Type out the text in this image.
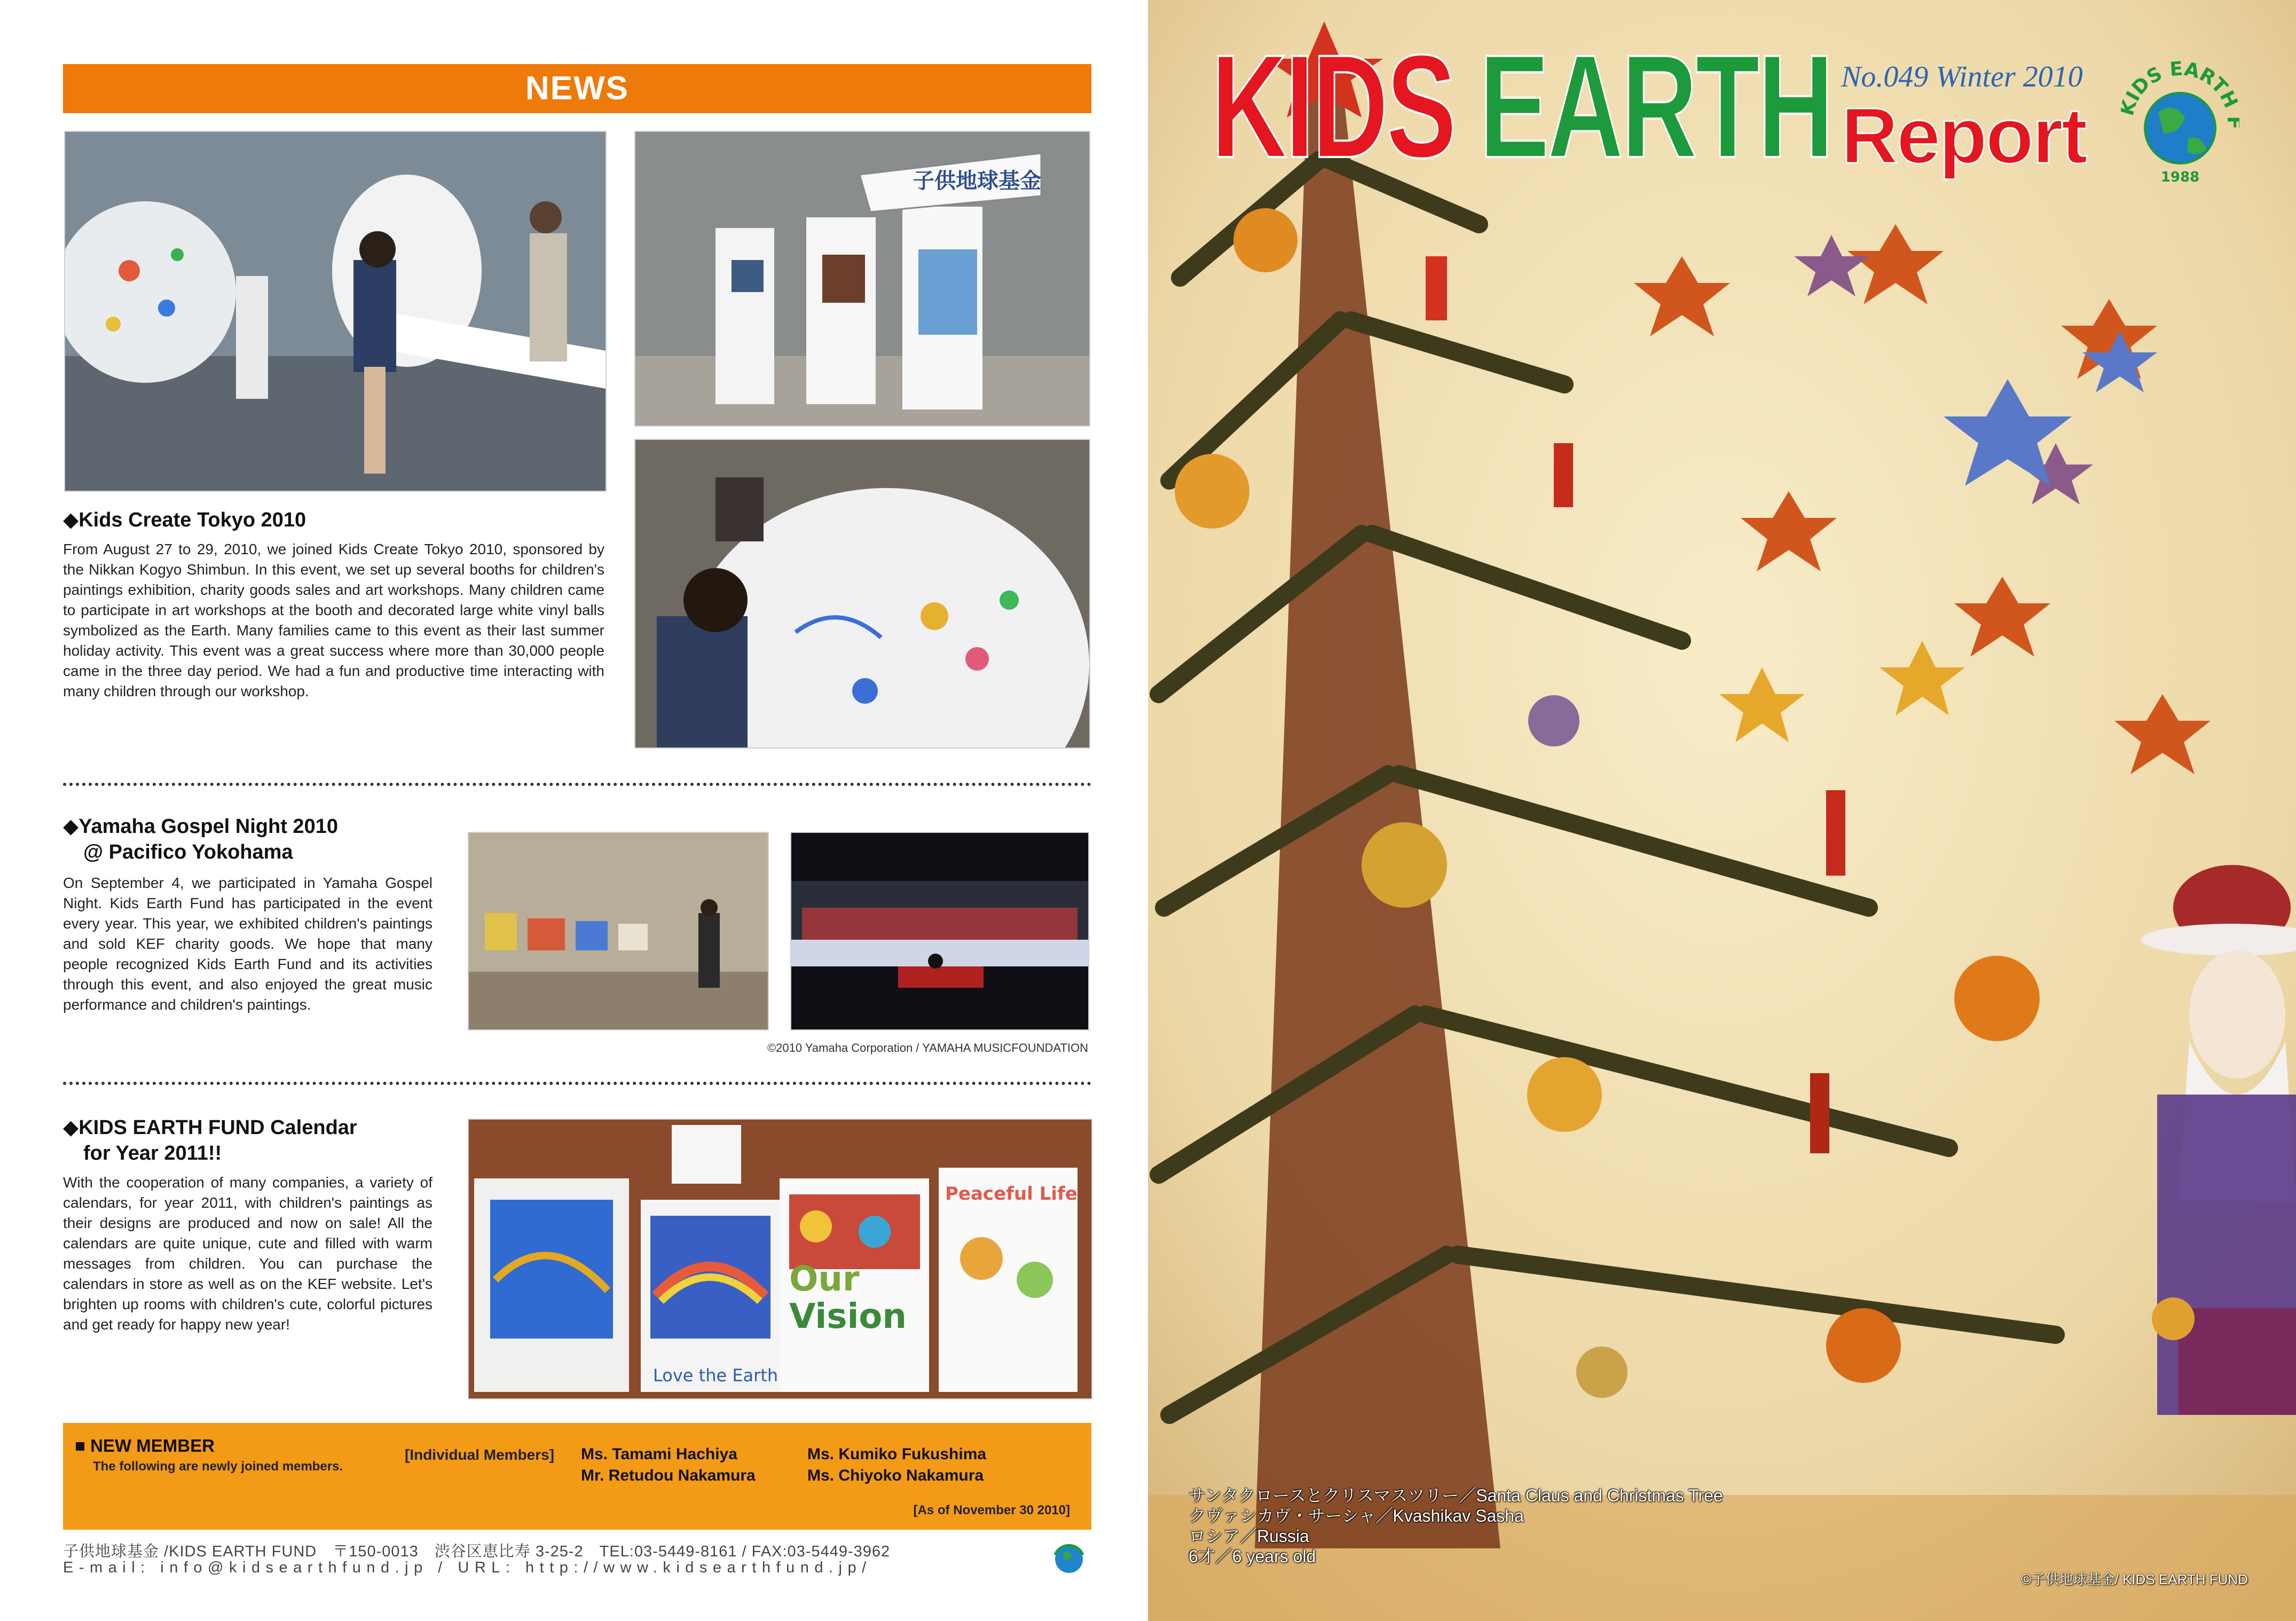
NEWS
子供地球基金
◆Kids Create Tokyo 2010
From August 27 to 29, 2010, we joined Kids Create Tokyo 2010, sponsored by the Nikkan Kogyo Shimbun. In this event, we set up several booths for children's paintings exhibition, charity goods sales and art workshops. Many children came to participate in art workshops at the booth and decorated large white vinyl balls symbolized as the Earth. Many families came to this event as their last summer holiday activity. This event was a great success where more than 30,000 people came in the three day period. We had a fun and productive time interacting with many children through our workshop.
◆Yamaha Gospel Night 2010
@ Pacifico Yokohama
On September 4, we participated in Yamaha Gospel Night. Kids Earth Fund has participated in the event every year. This year, we exhibited children's paintings and sold KEF charity goods. We hope that many people recognized Kids Earth Fund and its activities through this event, and also enjoyed the great music performance and children's paintings.
©2010 Yamaha Corporation / YAMAHA MUSICFOUNDATION
◆KIDS EARTH FUND Calendar
for Year 2011!!
With the cooperation of many companies, a variety of calendars, for year 2011, with children's paintings as their designs are produced and now on sale! All the calendars are quite unique, cute and filled with warm messages from children. You can purchase the calendars in store as well as on the KEF website. Let's brighten up rooms with children's cute, colorful pictures and get ready for happy new year!
Love the Earth
Our
Vision
Peaceful Life
■ NEW MEMBER
The following are newly joined members.
[Individual Members] Ms. Tamami Hachiya
Mr. Retudou Nakamura
Ms. Kumiko Fukushima
Ms. Chiyoko Nakamura
[As of November 30 2010]
子供地球基金 /KIDS EARTH FUND　〒150-0013　渋谷区恵比寿 3-25-2　TEL:03-5449-8161 / FAX:03-5449-3962
E-mail: info@kidsearthfund.jp / URL: http://www.kidsearthfund.jp/
KIDS EARTH No.049 Winter 2010
Report	IDS EARTH
1988
サンタクロースとクリスマスツリー／Santa Claus and Christmas Tree
クヴァシカヴ・サーシャ／Kvashikav Sasha
ロシア／Russia
6才／6 years old
©子供地球基金/ KIDS EARTH FUND
